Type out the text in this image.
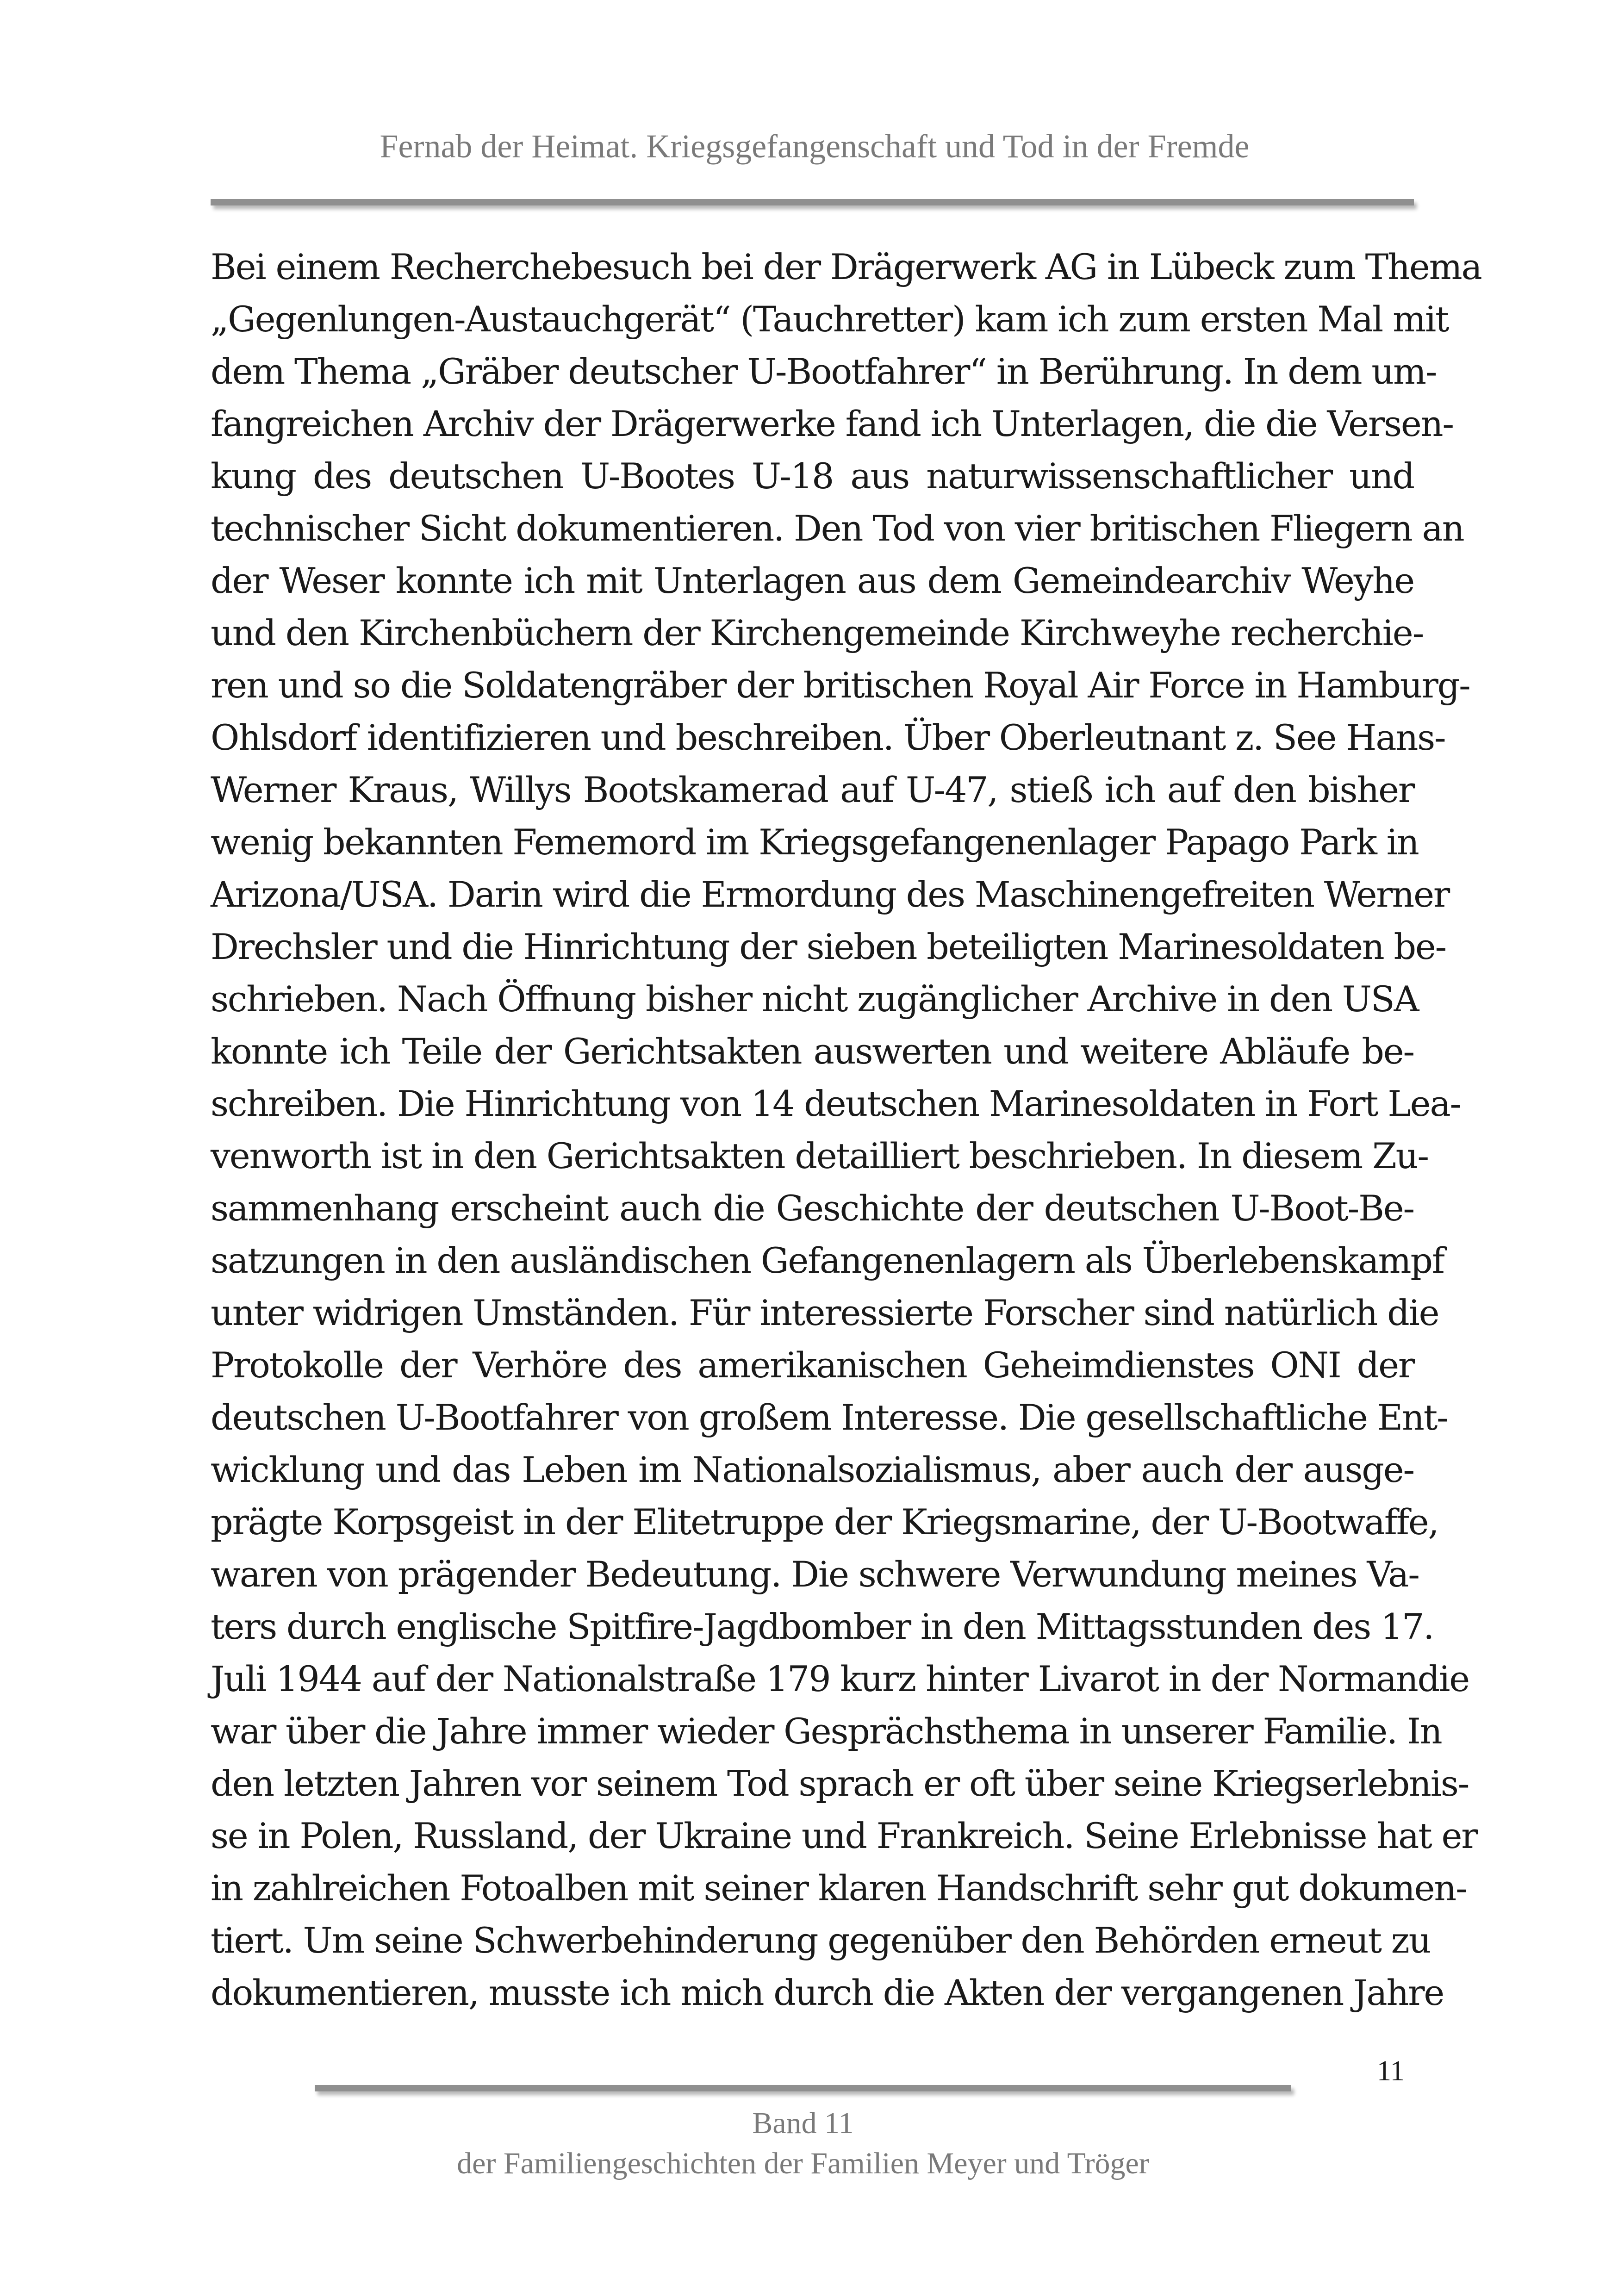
Fernab der Heimat. Kriegsgefangenschaft und Tod in der Fremde
Bei einem Recherchebesuch bei der Drägerwerk AG in Lübeck zum Thema
„Gegenlungen-Austauchgerät“ (Tauchretter) kam ich zum ersten Mal mit
dem Thema „Gräber deutscher U-Bootfahrer“ in Berührung. In dem um-
fangreichen Archiv der Drägerwerke fand ich Unterlagen, die die Versen-
kung des deutschen U-Bootes U-18 aus naturwissenschaftlicher und
technischer Sicht dokumentieren. Den Tod von vier britischen Fliegern an
der Weser konnte ich mit Unterlagen aus dem Gemeindearchiv Weyhe
und den Kirchenbüchern der Kirchengemeinde Kirchweyhe recherchie-
ren und so die Soldatengräber der britischen Royal Air Force in Hamburg-
Ohlsdorf identifizieren und beschreiben. Über Oberleutnant z. See Hans-
Werner Kraus, Willys Bootskamerad auf U-47, stieß ich auf den bisher
wenig bekannten Fememord im Kriegsgefangenenlager Papago Park in
Arizona/USA. Darin wird die Ermordung des Maschinengefreiten Werner
Drechsler und die Hinrichtung der sieben beteiligten Marinesoldaten be-
schrieben. Nach Öffnung bisher nicht zugänglicher Archive in den USA
konnte ich Teile der Gerichtsakten auswerten und weitere Abläufe be-
schreiben. Die Hinrichtung von 14 deutschen Marinesoldaten in Fort Lea-
venworth ist in den Gerichtsakten detailliert beschrieben. In diesem Zu-
sammenhang erscheint auch die Geschichte der deutschen U-Boot-Be-
satzungen in den ausländischen Gefangenenlagern als Überlebenskampf
unter widrigen Umständen. Für interessierte Forscher sind natürlich die
Protokolle der Verhöre des amerikanischen Geheimdienstes ONI der
deutschen U-Bootfahrer von großem Interesse. Die gesellschaftliche Ent-
wicklung und das Leben im Nationalsozialismus, aber auch der ausge-
prägte Korpsgeist in der Elitetruppe der Kriegsmarine, der U-Bootwaffe,
waren von prägender Bedeutung. Die schwere Verwundung meines Va-
ters durch englische Spitfire-Jagdbomber in den Mittagsstunden des 17.
Juli 1944 auf der Nationalstraße 179 kurz hinter Livarot in der Normandie
war über die Jahre immer wieder Gesprächsthema in unserer Familie. In
den letzten Jahren vor seinem Tod sprach er oft über seine Kriegserlebnis-
se in Polen, Russland, der Ukraine und Frankreich. Seine Erlebnisse hat er
in zahlreichen Fotoalben mit seiner klaren Handschrift sehr gut dokumen-
tiert. Um seine Schwerbehinderung gegenüber den Behörden erneut zu
dokumentieren, musste ich mich durch die Akten der vergangenen Jahre
11
Band 11
der Familiengeschichten der Familien Meyer und Tröger
